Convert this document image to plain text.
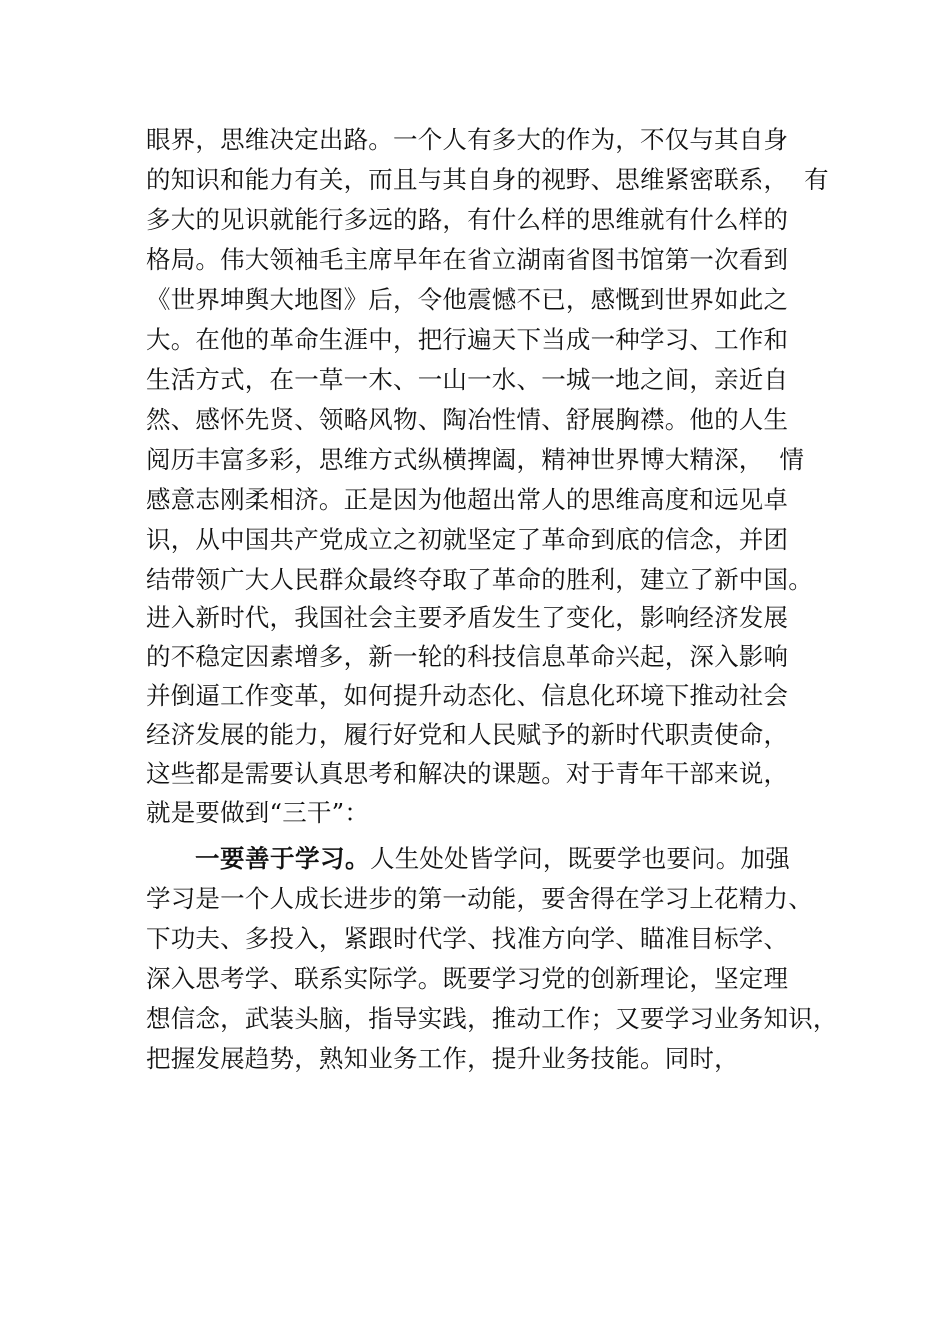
眼界，思维决定出路。一个人有多大的作为，不仅与其自身
的知识和能力有关，而且与其自身的视野、思维紧密联系，  有
多大的见识就能行多远的路，有什么样的思维就有什么样的
格局。伟大领袖毛主席早年在省立湖南省图书馆第一次看到
《世界坤舆大地图》后，令他震憾不已，感慨到世界如此之
大。在他的革命生涯中，把行遍天下当成一种学习、工作和
生活方式，在一草一木、一山一水、一城一地之间，亲近自
然、感怀先贤、领略风物、陶冶性情、舒展胸襟。他的人生
阅历丰富多彩，思维方式纵横捭阖，精神世界博大精深，  情
感意志刚柔相济。正是因为他超出常人的思维高度和远见卓
识，从中国共产党成立之初就坚定了革命到底的信念，并团
结带领广大人民群众最终夺取了革命的胜利，建立了新中国。
进入新时代，我国社会主要矛盾发生了变化，影响经济发展
的不稳定因素增多，新一轮的科技信息革命兴起，深入影响
并倒逼工作变革，如何提升动态化、信息化环境下推动社会
经济发展的能力，履行好党和人民赋予的新时代职责使命，
这些都是需要认真思考和解决的课题。对于青年干部来说，
就是要做到“三干”：
一要善于学习。人生处处皆学问，既要学也要问。加强
学习是一个人成长进步的第一动能，要舍得在学习上花精力、
下功夫、多投入，紧跟时代学、找准方向学、瞄准目标学、
深入思考学、联系实际学。既要学习党的创新理论，坚定理
想信念，武装头脑，指导实践，推动工作；又要学习业务知识，
把握发展趋势，熟知业务工作，提升业务技能。同时，
